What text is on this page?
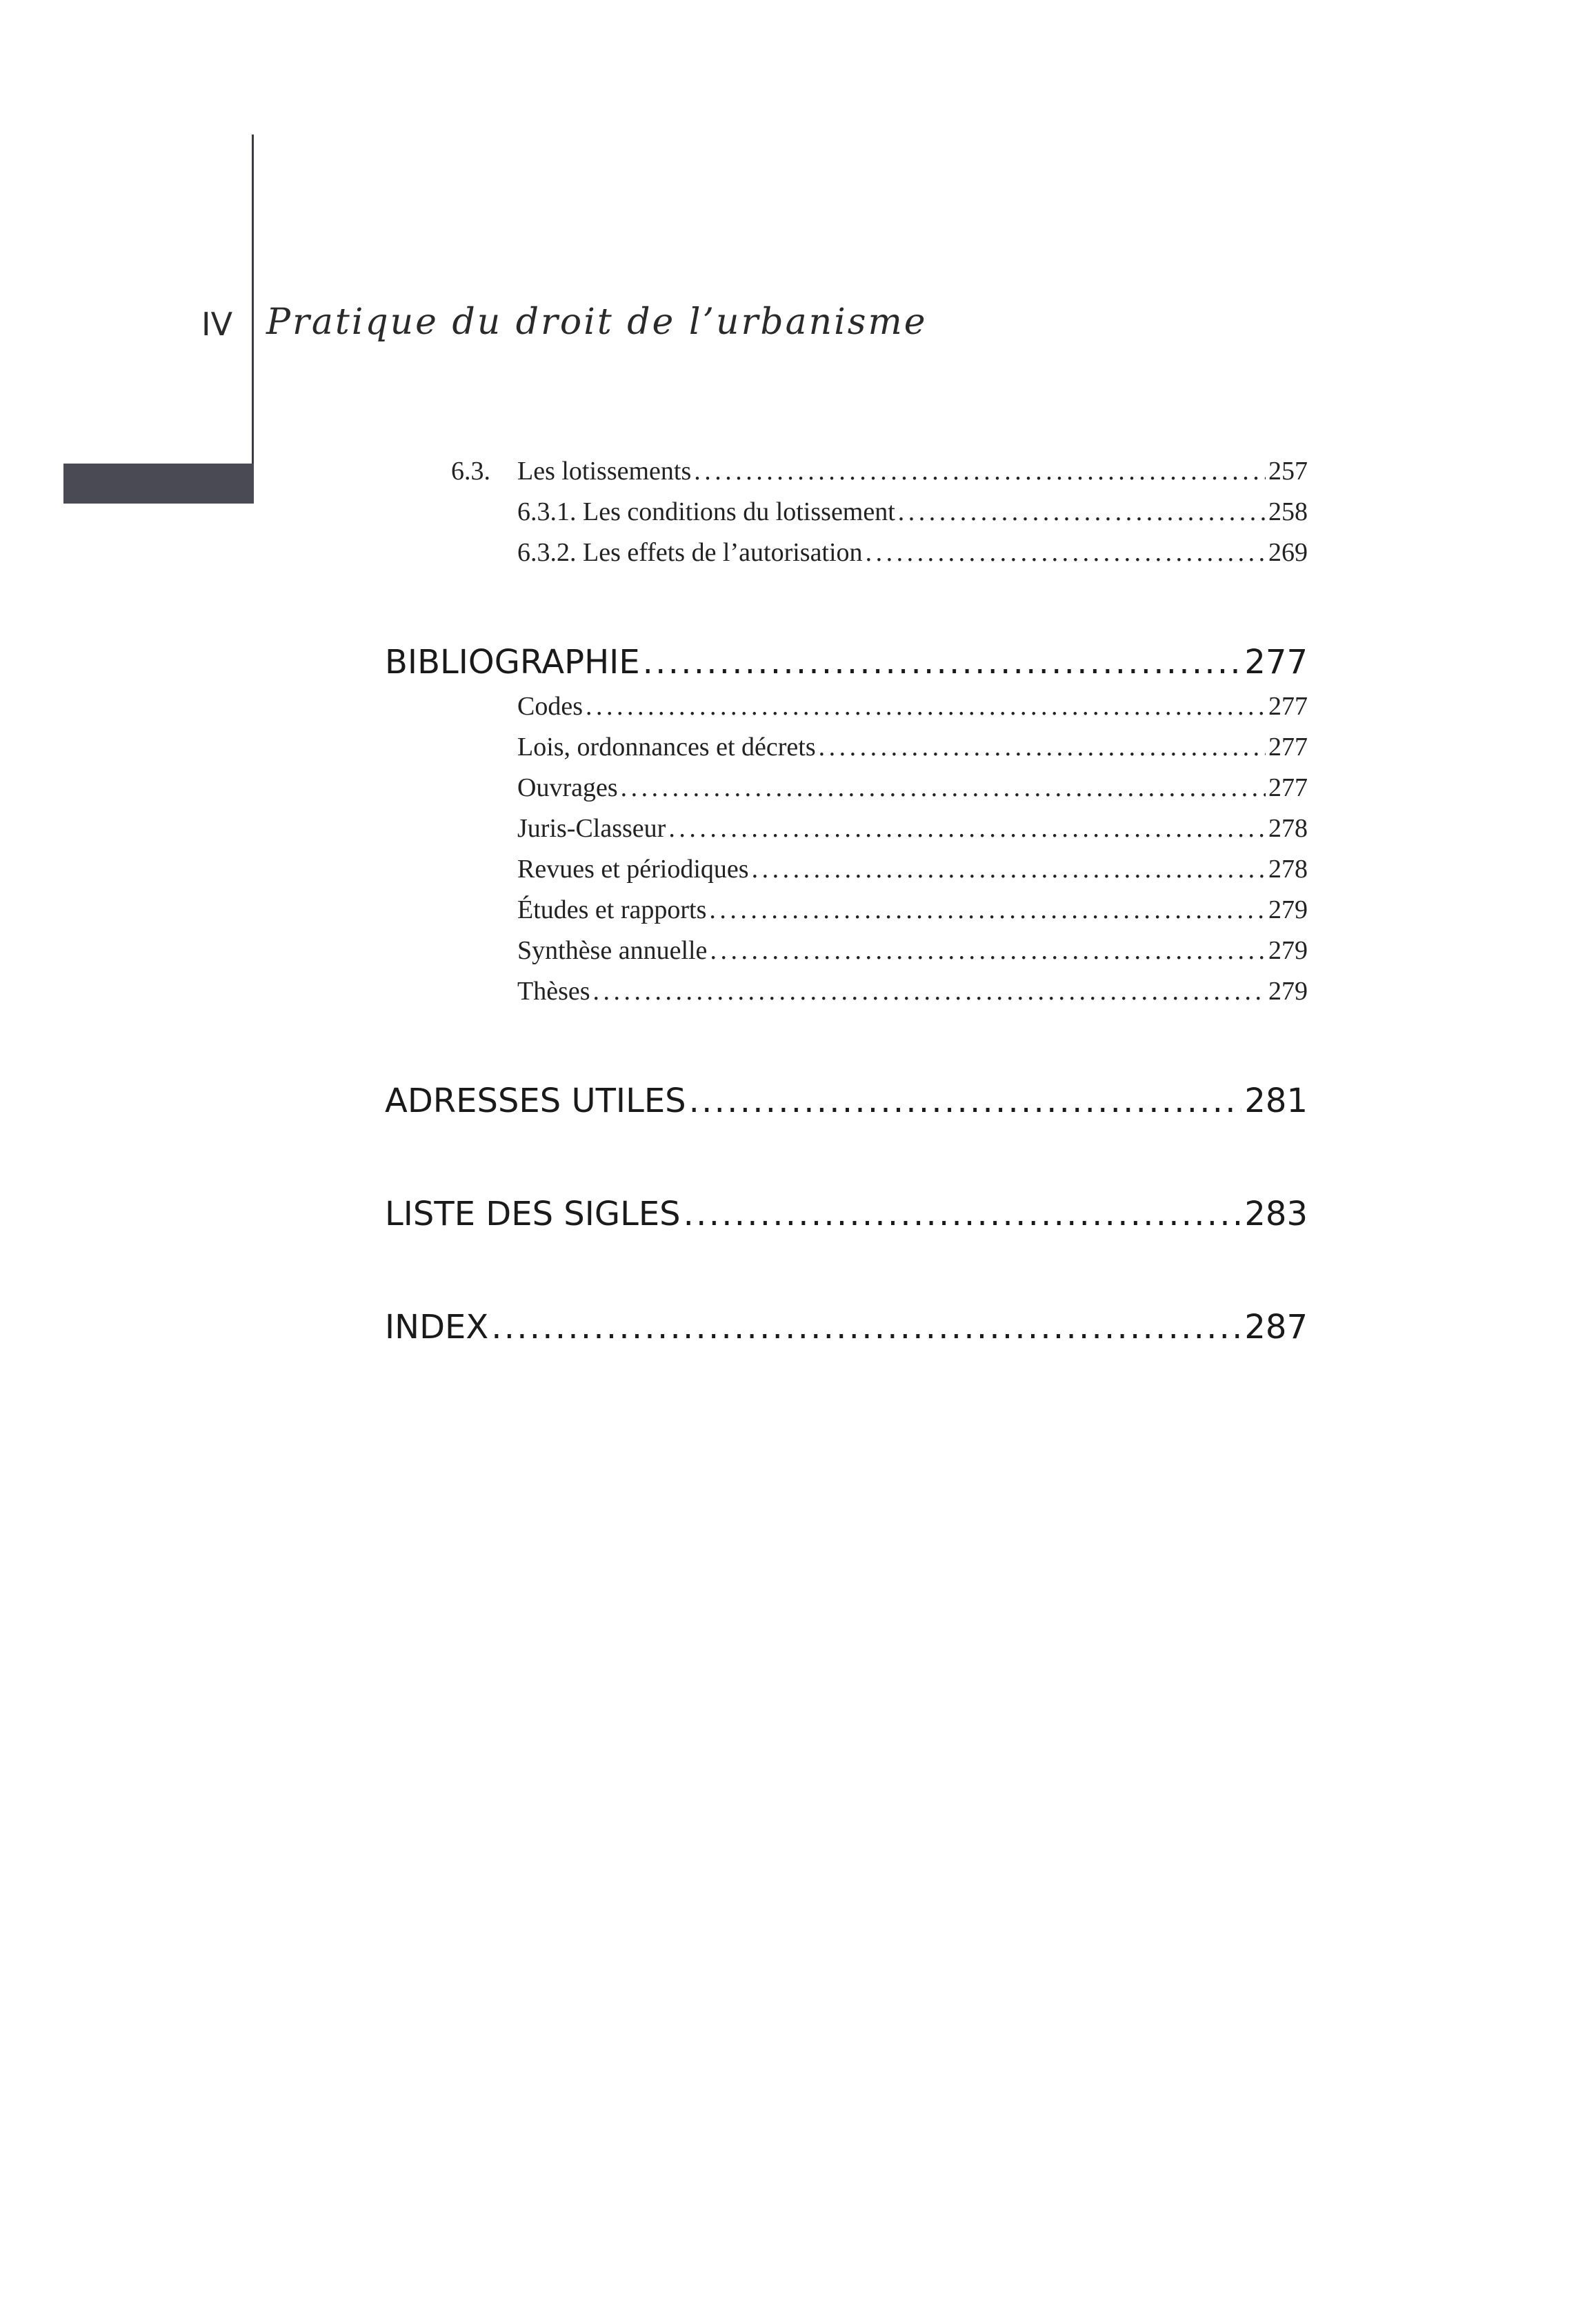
IV Pratique du droit de l’urbanisme
6.3.	Les lotissements . . .	257
6.3.1. Les conditions du lotissement . . .	258
6.3.2. Les effets de l’autorisation . . .	269
BIBLIOGRAPHIE . . .	277
Codes . . .	277
Lois, ordonnances et décrets . . .	277
Ouvrages . . .	277
Juris-Classeur . . .	278
Revues et périodiques . . .	278
Études et rapports . . .	279
Synthèse annuelle . . .	279
Thèses . . .	279
ADRESSES UTILES . . .	281
LISTE DES SIGLES . . .	283
INDEX . . .	287
